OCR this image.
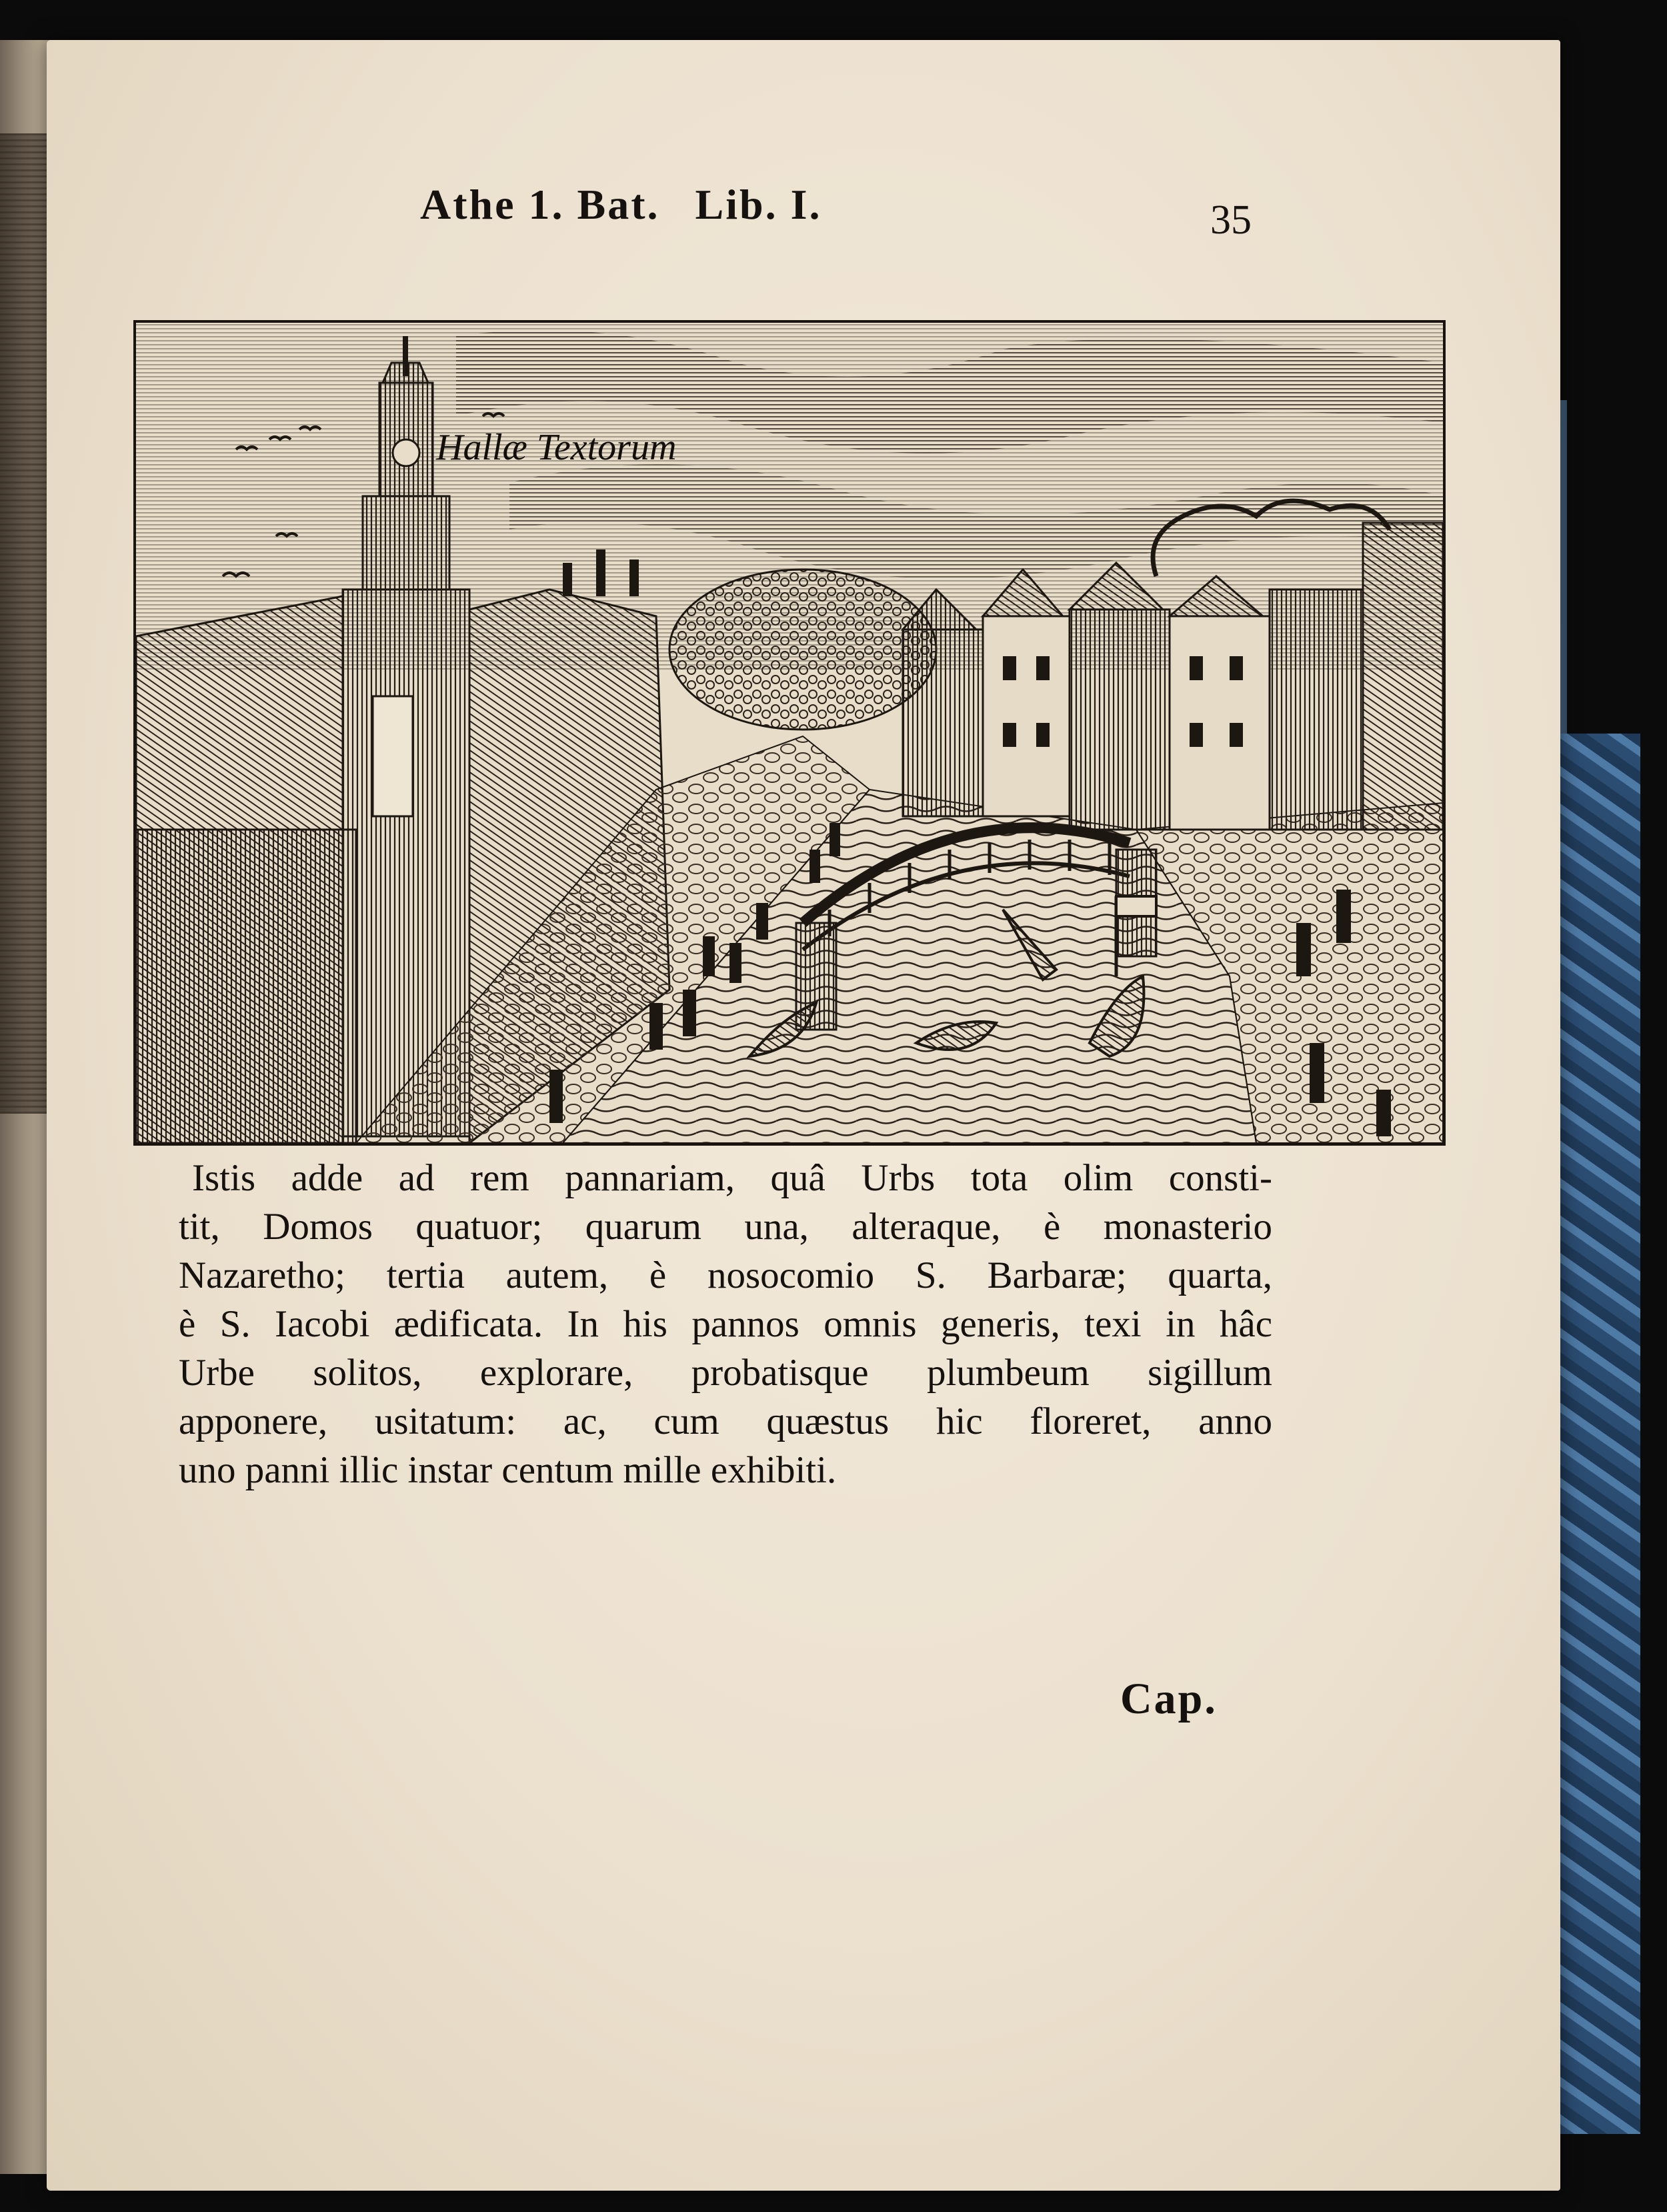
Athe 1. Bat. Lib. I.	35
Hallæ Textorum
Istis adde ad rem pannariam, quâ Urbs tota olim consti-
tit, Domos quatuor; quarum una, alteraque, è monasterio
Nazaretho; tertia autem, è nosocomio S. Barbaræ; quarta,
è S. Iacobi ædificata. In his pannos omnis generis, texi in hâc
Urbe solitos, explorare, probatisque plumbeum sigillum
apponere, usitatum: ac, cum quæstus hic floreret, anno
uno panni illic instar centum mille exhibiti.
Cap.
